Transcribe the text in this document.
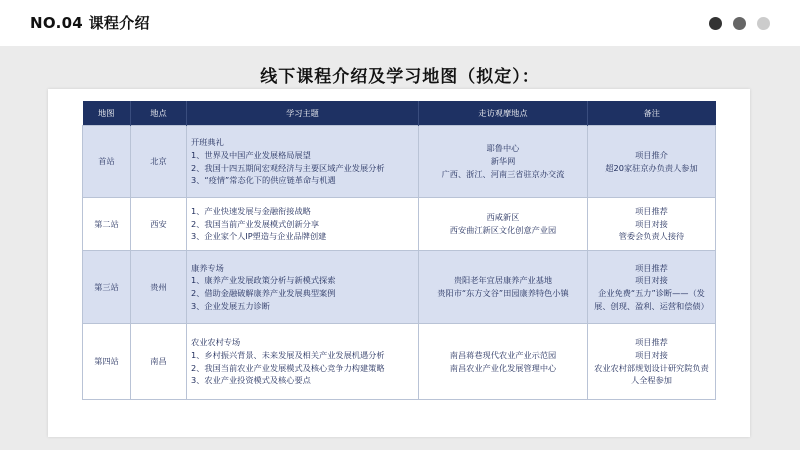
NO.04 课程介绍
线下课程介绍及学习地图（拟定）：
地图	地点	学习主题	走访观摩地点	备注
首站	北京	开班典礼
1、世界及中国产业发展格局展望
2、我国十四五期间宏观经济与主要区域产业发展分析
3、“疫情”常态化下的供应链革命与机遇	耶鲁中心
新华网
广西、浙江、河南三省驻京办交流	项目推介
超20家驻京办负责人参加

第二站	西安	1、产业快速发展与金融衔接战略
2、我国当前产业发展模式创新分享
3、企业家个人IP塑造与企业品牌创建	西咸新区
西安曲江新区文化创意产业园	项目推荐
项目对接
管委会负责人接待

第三站	贵州	康养专场
1、康养产业发展政策分析与新模式探索
2、借助金融破解康养产业发展典型案例
3、企业发展五力诊断	贵阳老年宜居康养产业基地
贵阳市“东方文谷”田园康养特色小镇	项目推荐
项目对接
企业免费“五力”诊断——（发展、创现、盈利、运营和偿债）

第四站	南昌	农业农村专场
1、乡村振兴背景、未来发展及相关产业发展机遇分析
2、我国当前农业产业发展模式及核心竞争力构建策略
3、农业产业投资模式及核心要点	南昌蒋巷现代农业产业示范园
南昌农业产业化发展管理中心	项目推荐
项目对接
农业农村部规划设计研究院负责人全程参加
